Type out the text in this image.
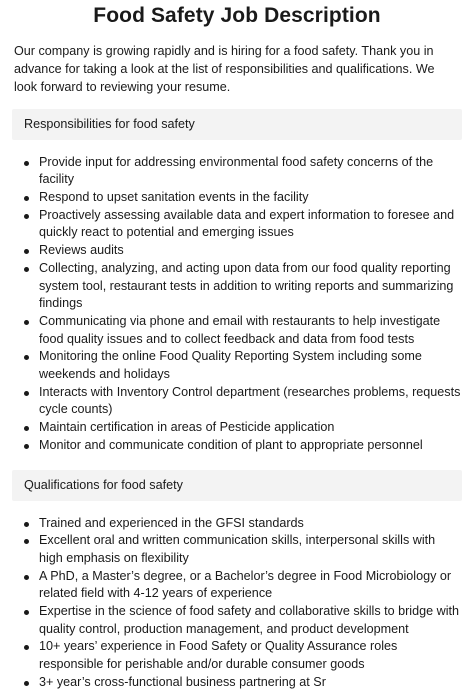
Food Safety Job Description

Our company is growing rapidly and is hiring for a food safety. Thank you in advance for taking a look at the list of responsibilities and qualifications. We look forward to reviewing your resume.

Responsibilities for food safety
Provide input for addressing environmental food safety concerns of the facility
Respond to upset sanitation events in the facility
Proactively assessing available data and expert information to foresee and quickly react to potential and emerging issues
Reviews audits
Collecting, analyzing, and acting upon data from our food quality reporting system tool, restaurant tests in addition to writing reports and summarizing findings
Communicating via phone and email with restaurants to help investigate food quality issues and to collect feedback and data from food tests
Monitoring the online Food Quality Reporting System including some weekends and holidays
Interacts with Inventory Control department (researches problems, requests cycle counts)
Maintain certification in areas of Pesticide application
Monitor and communicate condition of plant to appropriate personnel
Qualifications for food safety
Trained and experienced in the GFSI standards
Excellent oral and written communication skills, interpersonal skills with high emphasis on flexibility
A PhD, a Master’s degree, or a Bachelor’s degree in Food Microbiology or related field with 4-12 years of experience
Expertise in the science of food safety and collaborative skills to bridge with quality control, production management, and product development
10+ years’ experience in Food Safety or Quality Assurance roles responsible for perishable and/or durable consumer goods
3+ year’s cross-functional business partnering at Sr
